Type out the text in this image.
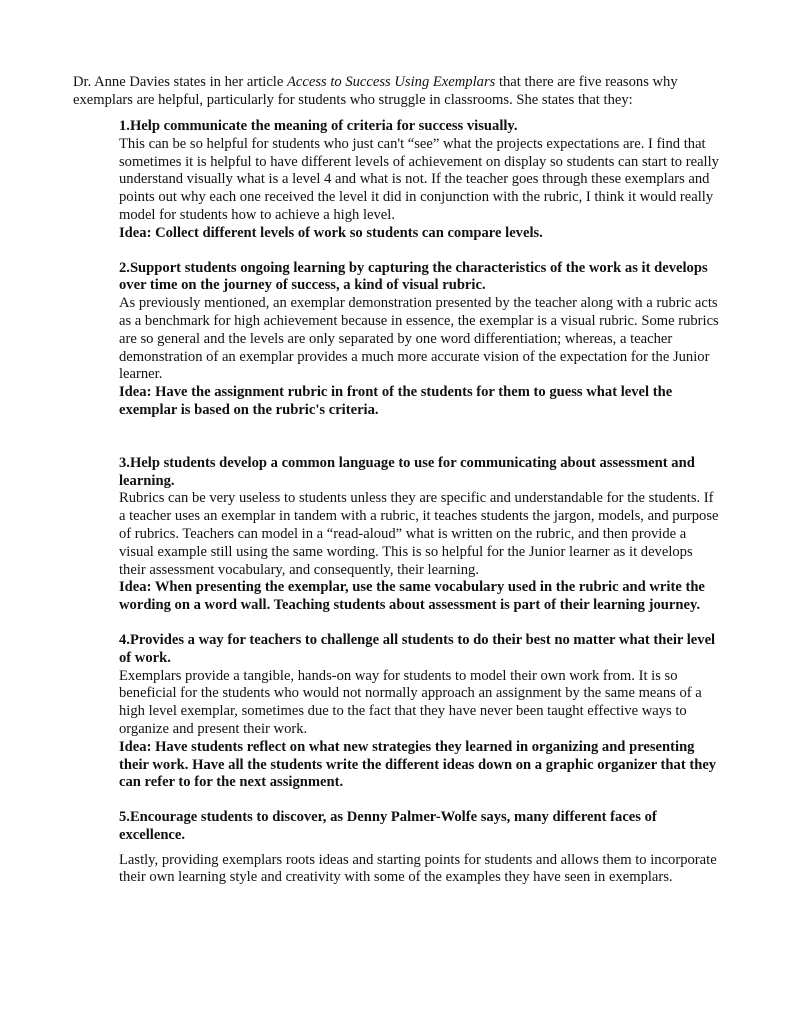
Dr. Anne Davies states in her article Access to Success Using Exemplars that there are five reasons why exemplars are helpful, particularly for students who struggle in classrooms. She states that they:

1.Help communicate the meaning of criteria for success visually.

This can be so helpful for students who just can't “see” what the projects expectations are. I find that sometimes it is helpful to have different levels of achievement on display so students can start to really understand visually what is a level 4 and what is not. If the teacher goes through these exemplars and points out why each one received the level it did in conjunction with the rubric, I think it would really model for students how to achieve a high level.

Idea: Collect different levels of work so students can compare levels.

2.Support students ongoing learning by capturing the characteristics of the work as it develops over time on the journey of success, a kind of visual rubric.

As previously mentioned, an exemplar demonstration presented by the teacher along with a rubric acts as a benchmark for high achievement because in essence, the exemplar is a visual rubric. Some rubrics are so general and the levels are only separated by one word differentiation; whereas, a teacher demonstration of an exemplar provides a much more accurate vision of the expectation for the Junior learner.

Idea: Have the assignment rubric in front of the students for them to guess what level the exemplar is based on the rubric's criteria.

3.Help students develop a common language to use for communicating about assessment and learning.

Rubrics can be very useless to students unless they are specific and understandable for the students. If a teacher uses an exemplar in tandem with a rubric, it teaches students the jargon, models, and purpose of rubrics. Teachers can model in a “read-aloud” what is written on the rubric, and then provide a visual example still using the same wording. This is so helpful for the Junior learner as it develops their assessment vocabulary, and consequently, their learning.

Idea: When presenting the exemplar, use the same vocabulary used in the rubric and write the wording on a word wall. Teaching students about assessment is part of their learning journey.

4.Provides a way for teachers to challenge all students to do their best no matter what their level of work.

Exemplars provide a tangible, hands-on way for students to model their own work from. It is so beneficial for the students who would not normally approach an assignment by the same means of a high level exemplar, sometimes due to the fact that they have never been taught effective ways to organize and present their work.

Idea: Have students reflect on what new strategies they learned in organizing and presenting their work. Have all the students write the different ideas down on a graphic organizer that they can refer to for the next assignment.

5.Encourage students to discover, as Denny Palmer-Wolfe says, many different faces of excellence.

Lastly, providing exemplars roots ideas and starting points for students and allows them to incorporate their own learning style and creativity with some of the examples they have seen in exemplars.
